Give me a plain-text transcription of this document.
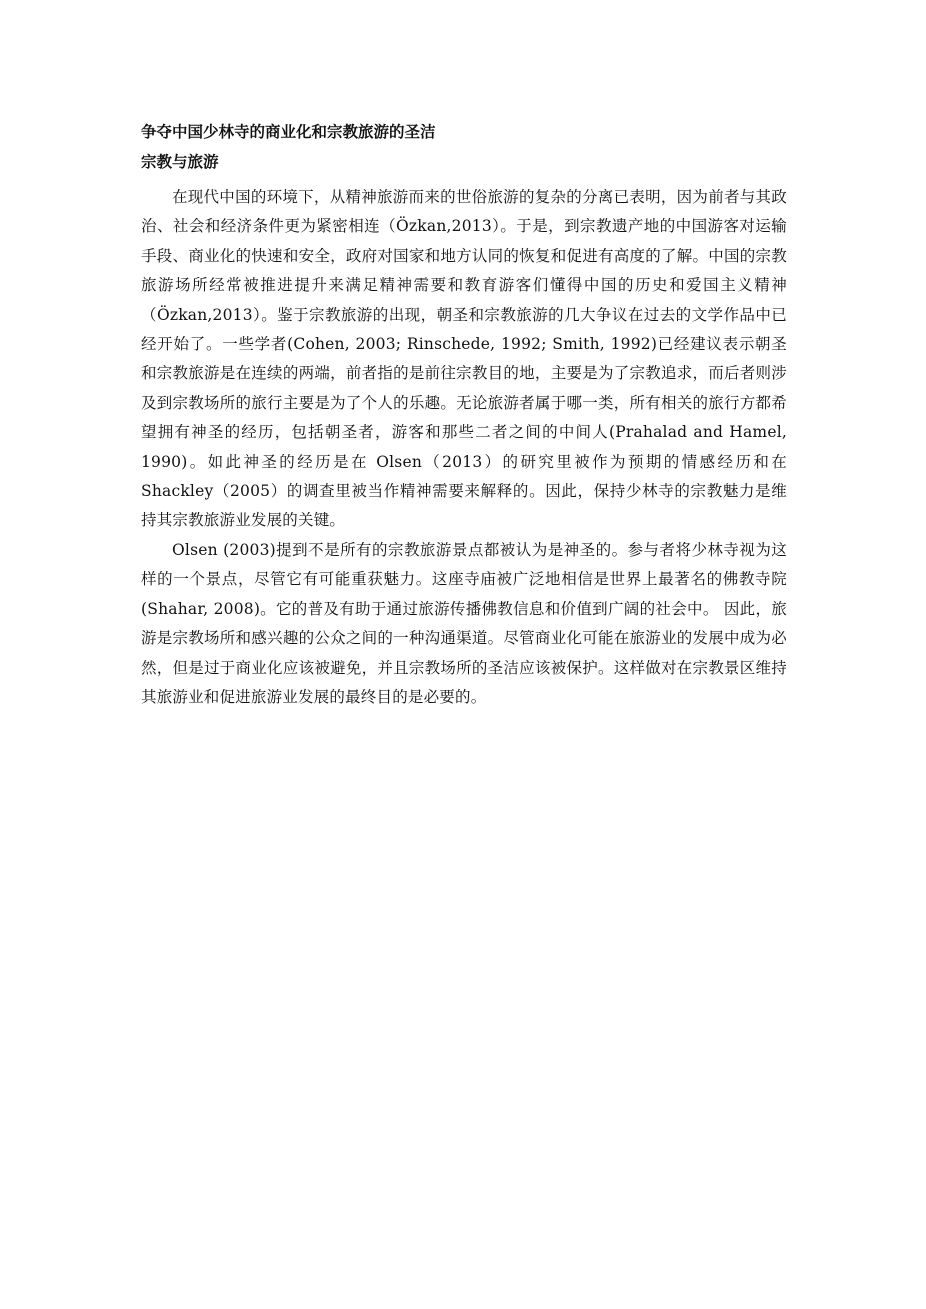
争夺中国少林寺的商业化和宗教旅游的圣洁
宗教与旅游

在现代中国的环境下，从精神旅游而来的世俗旅游的复杂的分离已表明，因为前者与其政治、社会和经济条件更为紧密相连（Özkan,2013）。于是，到宗教遗产地的中国游客对运输手段、商业化的快速和安全，政府对国家和地方认同的恢复和促进有高度的了解。中国的宗教旅游场所经常被推进提升来满足精神需要和教育游客们懂得中国的历史和爱国主义精神（Özkan,2013）。鉴于宗教旅游的出现，朝圣和宗教旅游的几大争议在过去的文学作品中已经开始了。一些学者(Cohen, 2003; Rinschede, 1992; Smith, 1992)已经建议表示朝圣和宗教旅游是在连续的两端，前者指的是前往宗教目的地，主要是为了宗教追求，而后者则涉及到宗教场所的旅行主要是为了个人的乐趣。无论旅游者属于哪一类，所有相关的旅行方都希望拥有神圣的经历，包括朝圣者，游客和那些二者之间的中间人(Prahalad and Hamel, 1990)。如此神圣的经历是在 Olsen（2013）的研究里被作为预期的情感经历和在 Shackley（2005）的调查里被当作精神需要来解释的。因此，保持少林寺的宗教魅力是维持其宗教旅游业发展的关键。

Olsen (2003)提到不是所有的宗教旅游景点都被认为是神圣的。参与者将少林寺视为这样的一个景点，尽管它有可能重获魅力。这座寺庙被广泛地相信是世界上最著名的佛教寺院(Shahar, 2008)。它的普及有助于通过旅游传播佛教信息和价值到广阔的社会中。 因此，旅游是宗教场所和感兴趣的公众之间的一种沟通渠道。尽管商业化可能在旅游业的发展中成为必然，但是过于商业化应该被避免，并且宗教场所的圣洁应该被保护。这样做对在宗教景区维持其旅游业和促进旅游业发展的最终目的是必要的。
